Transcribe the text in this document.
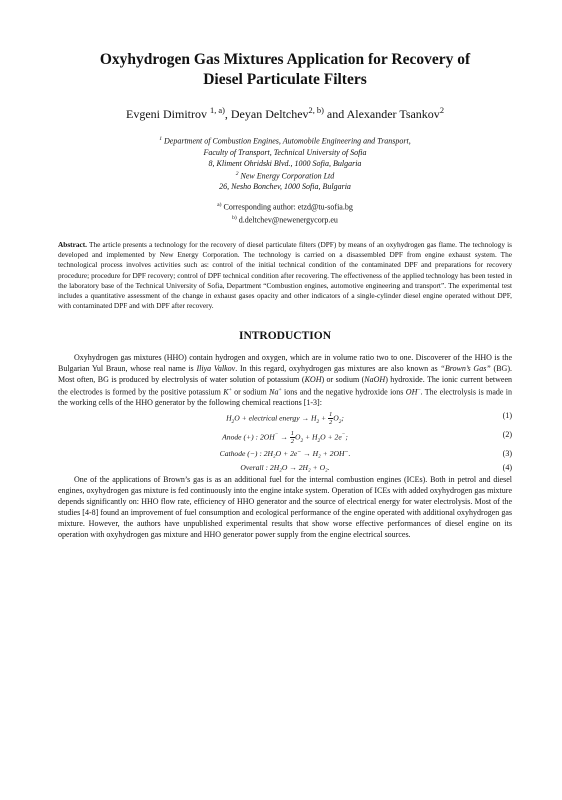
Oxyhydrogen Gas Mixtures Application for Recovery of
Diesel Particulate Filters
Evgeni Dimitrov $^{1, a)}$, Deyan Deltchev$^{2, b)}$ and Alexander Tsankov$^2$
$^1$ Department of Combustion Engines, Automobile Engineering and Transport,
Faculty of Transport, Technical University of Sofia
8, Kliment Ohridski Blvd., 1000 Sofia, Bulgaria
$^2$ New Energy Corporation Ltd
26, Nesho Bonchev, 1000 Sofia, Bulgaria
$^{a)}$ Corresponding author: etzd@tu-sofia.bg
$^{b)}$ d.deltchev@newenergycorp.eu
Abstract. The article presents a technology for the recovery of diesel particulate filters (DPF) by means of an oxyhydrogen gas flame. The technology is developed and implemented by New Energy Corporation. The technology is carried on a disassembled DPF from engine exhaust system. The technological process involves activities such as: control of the initial technical condition of the contaminated DPF and preparations for recovery procedure; procedure for DPF recovery; control of DPF technical condition after recovering. The effectiveness of the applied technology has been tested in the laboratory base of the Technical University of Sofia, Department “Combustion engines, automotive engineering and transport”. The experimental test includes a quantitative assessment of the change in exhaust gases opacity and other indicators of a single-cylinder diesel engine operated without DPF, with contaminated DPF and with DPF after recovery.
INTRODUCTION

Oxyhydrogen gas mixtures (HHO) contain hydrogen and oxygen, which are in volume ratio two to one. Discoverer of the HHO is the Bulgarian Yul Braun, whose real name is Iliya Valkov. In this regard, oxyhydrogen gas mixtures are also known as “Brown’s Gas” (BG). Most often, BG is produced by electrolysis of water solution of potassium (KOH) or sodium (NaOH) hydroxide. The ionic current between the electrodes is formed by the positive potassium K+ or sodium Na+ ions and the negative hydroxide ions OH−. The electrolysis is made in the working cells of the HHO generator by the following chemical reactions [1-3]:

$H_2O$ + electrical energy → $H_2 + \frac{1}{2} O_2$;	(1)
Anode (+) : $2OH^- \to \frac{1}{2} O_2 + H_2O + 2e^-$;	(2)
Cathode (−) : 2H₂O + 2e⁻ → H₂ + 2OH⁻.	(3)
Overall : 2H₂O → 2H₂ + O₂.	(4)

One of the applications of Brown’s gas is as an additional fuel for the internal combustion engines (ICEs). Both in petrol and diesel engines, oxyhydrogen gas mixture is fed continuously into the engine intake system. Operation of ICEs with added oxyhydrogen gas mixture depends significantly on: HHO flow rate, efficiency of HHO generator and the source of electrical energy for water electrolysis. Most of the studies [4-8] found an improvement of fuel consumption and ecological performance of the engine operated with additional oxyhydrogen gas mixture. However, the authors have unpublished experimental results that show worse effective performances of diesel engine on its operation with oxyhydrogen gas mixture and HHO generator power supply from the engine electrical sources.
